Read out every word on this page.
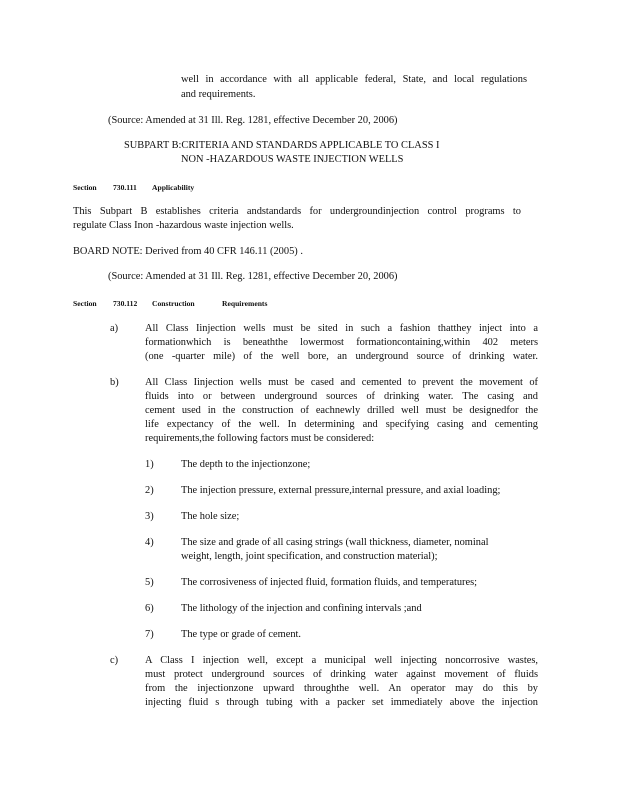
well in accordance with all applicable federal, State, and local regulations
and requirements.
(Source: Amended at 31 Ill. Reg. 1281, effective December 20, 2006)
SUBPART B:CRITERIA AND STANDARDS APPLICABLE TO CLASS I
NON -HAZARDOUS WASTE INJECTION WELLS
Section 730.111 Applicability
This Subpart B establishes criteria andstandards for undergroundinjection control programs to
regulate Class Inon -hazardous waste injection wells.
BOARD NOTE: Derived from 40 CFR 146.11 (2005) .
(Source: Amended at 31 Ill. Reg. 1281, effective December 20, 2006)
Section 730.112 Construction	Requirements
a)	All Class Iinjection wells must be sited in such a fashion thatthey inject into a
formationwhich is beneaththe lowermost formationcontaining,within 402 meters
(one -quarter mile) of the well bore, an underground source of drinking water.
b)	All Class Iinjection wells must be cased and cemented to prevent the movement of
fluids into or between underground sources of drinking water. The casing and
cement used in the construction of eachnewly drilled well must be designedfor the
life expectancy of the well. In determining and specifying casing and cementing
requirements,the following factors must be considered:
1)	The depth to the injectionzone;
2)	The injection pressure, external pressure,internal pressure, and axial loading;
3)	The hole size;
4)	The size and grade of all casing strings (wall thickness, diameter, nominal
weight, length, joint specification, and construction material);
5)	The corrosiveness of injected fluid, formation fluids, and temperatures;
6)	The lithology of the injection and confining intervals ;and
7)	The type or grade of cement.
c)	A Class I injection well, except a municipal well injecting noncorrosive wastes,
must protect underground sources of drinking water against movement of fluids
from the injectionzone upward throughthe well. An operator may do this by
injecting fluid s through tubing with a packer set immediately above the injection
